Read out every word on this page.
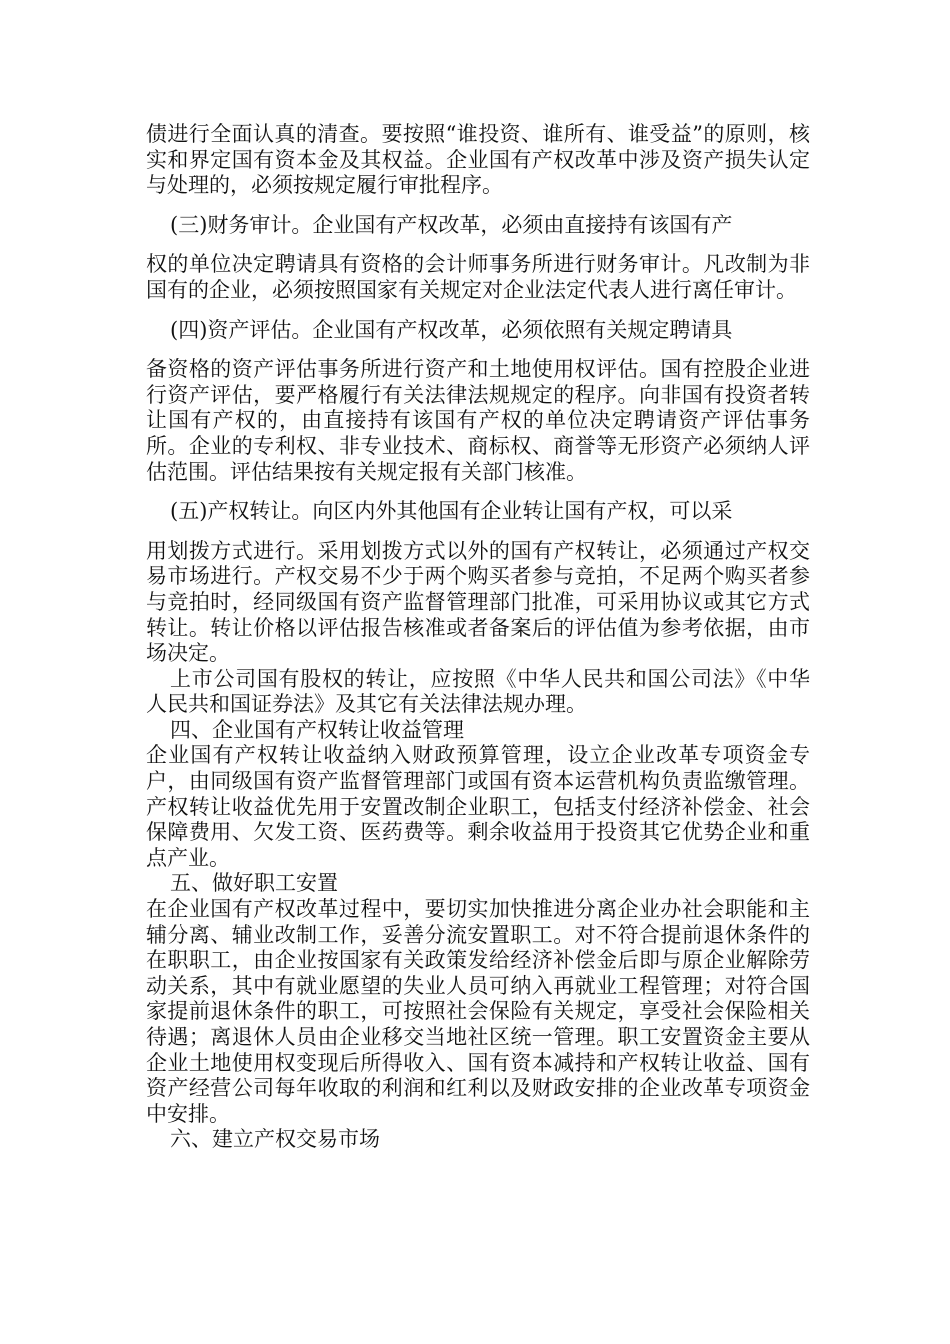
债进行全面认真的清查。要按照“谁投资、谁所有、谁受益”的原则，核实和界定国有资本金及其权益。企业国有产权改革中涉及资产损失认定与处理的，必须按规定履行审批程序。

(三)财务审计。企业国有产权改革，必须由直接持有该国有产

权的单位决定聘请具有资格的会计师事务所进行财务审计。凡改制为非国有的企业，必须按照国家有关规定对企业法定代表人进行离任审计。

(四)资产评估。企业国有产权改革，必须依照有关规定聘请具

备资格的资产评估事务所进行资产和土地使用权评估。国有控股企业进行资产评估，要严格履行有关法律法规规定的程序。向非国有投资者转让国有产权的，由直接持有该国有产权的单位决定聘请资产评估事务所。企业的专利权、非专业技术、商标权、商誉等无形资产必须纳人评估范围。评估结果按有关规定报有关部门核准。

(五)产权转让。向区内外其他国有企业转让国有产权，可以采

用划拨方式进行。采用划拨方式以外的国有产权转让，必须通过产权交易市场进行。产权交易不少于两个购买者参与竞拍，不足两个购买者参与竞拍时，经同级国有资产监督管理部门批准，可采用协议或其它方式转让。转让价格以评估报告核准或者备案后的评估值为参考依据，由市场决定。

上市公司国有股权的转让，应按照《中华人民共和国公司法》《中华人民共和国证券法》及其它有关法律法规办理。

四、企业国有产权转让收益管理

企业国有产权转让收益纳入财政预算管理，设立企业改革专项资金专户，由同级国有资产监督管理部门或国有资本运营机构负责监缴管理。产权转让收益优先用于安置改制企业职工，包括支付经济补偿金、社会保障费用、欠发工资、医药费等。剩余收益用于投资其它优势企业和重点产业。

五、做好职工安置

在企业国有产权改革过程中，要切实加快推进分离企业办社会职能和主辅分离、辅业改制工作，妥善分流安置职工。对不符合提前退休条件的在职职工，由企业按国家有关政策发给经济补偿金后即与原企业解除劳动关系，其中有就业愿望的失业人员可纳入再就业工程管理；对符合国家提前退休条件的职工，可按照社会保险有关规定，享受社会保险相关待遇；离退休人员由企业移交当地社区统一管理。职工安置资金主要从企业土地使用权变现后所得收入、国有资本减持和产权转让收益、国有资产经营公司每年收取的利润和红利以及财政安排的企业改革专项资金中安排。

六、建立产权交易市场
